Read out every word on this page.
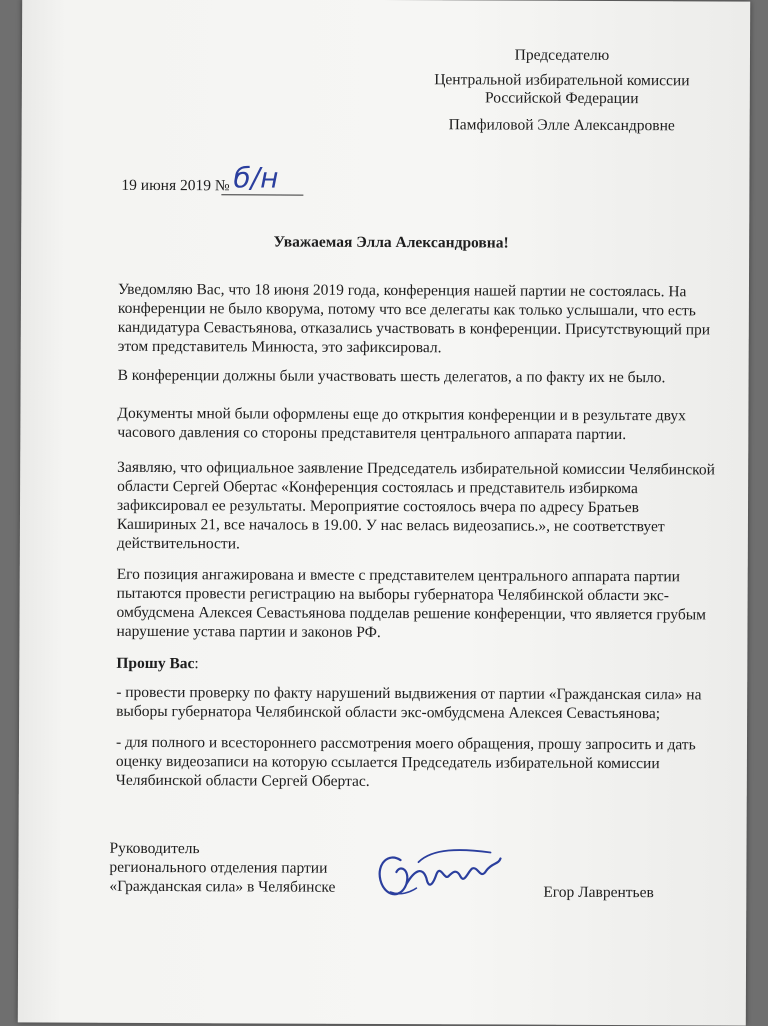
Председателю
Центральной избирательной комиссии
Российской Федерации
Памфиловой Элле Александровне
19 июня 2019 № б/н
Уважаемая Элла Александровна!
Уведомляю Вас, что 18 июня 2019 года, конференция нашей партии не состоялась. На
конференции не было кворума, потому что все делегаты как только услышали, что есть
кандидатура Севастьянова, отказались участвовать в конференции. Присутствующий при
этом представитель Минюста, это зафиксировал.
В конференции должны были участвовать шесть делегатов, а по факту их не было.
Документы мной были оформлены еще до открытия конференции и в результате двух
часового давления со стороны представителя центрального аппарата партии.
Заявляю, что официальное заявление Председатель избирательной комиссии Челябинской
области Сергей Обертас «Конференция состоялась и представитель избиркома
зафиксировал ее результаты. Мероприятие состоялось вчера по адресу Братьев
Кашириных 21, все началось в 19.00. У нас велась видеозапись.», не соответствует
действительности.
Его позиция ангажирована и вместе с представителем центрального аппарата партии
пытаются провести регистрацию на выборы губернатора Челябинской области экс-
омбудсмена Алексея Севастьянова подделав решение конференции, что является грубым
нарушение устава партии и законов РФ.
Прошу Вас:
- провести проверку по факту нарушений выдвижения от партии «Гражданская сила» на
выборы губернатора Челябинской области экс-омбудсмена Алексея Севастьянова;
- для полного и всестороннего рассмотрения моего обращения, прошу запросить и дать
оценку видеозаписи на которую ссылается Председатель избирательной комиссии
Челябинской области Сергей Обертас.
Руководитель
регионального отделения партии
«Гражданская сила» в Челябинске	Егор Лаврентьев
